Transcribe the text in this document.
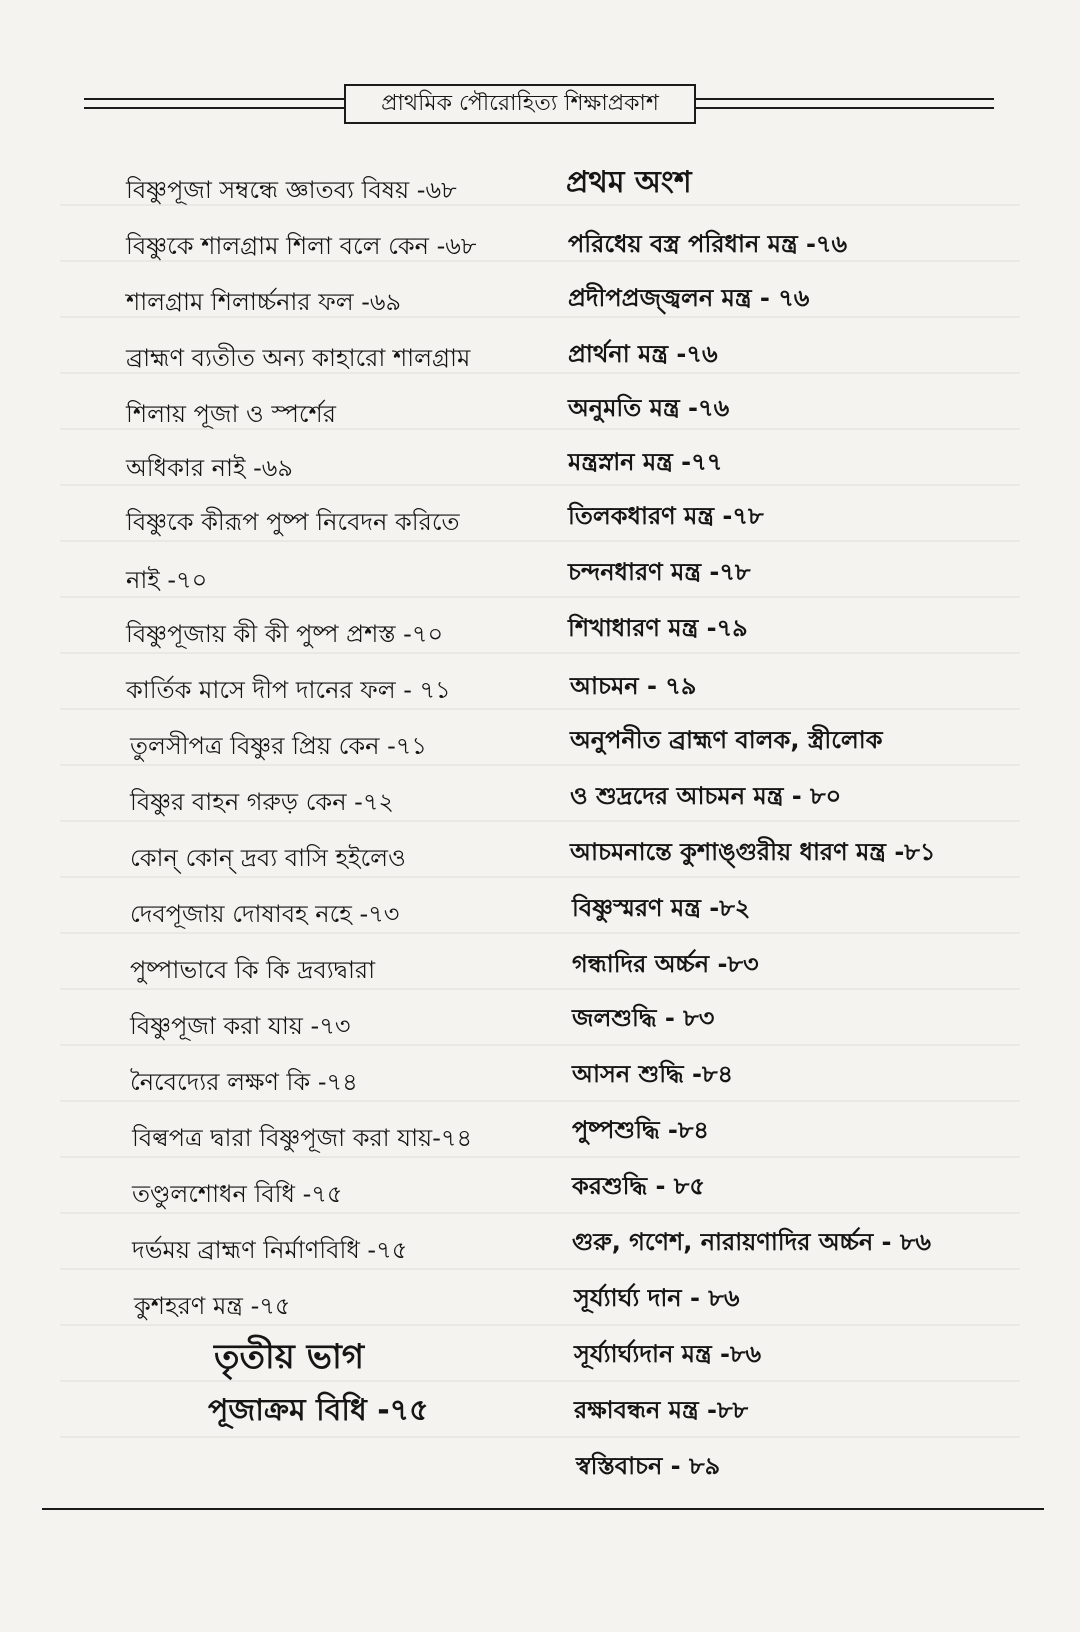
প্রাথমিক পৌরোহিত্য শিক্ষাপ্রকাশ
বিষ্ণুপূজা সম্বন্ধে জ্ঞাতব্য বিষয় -৬৮
বিষ্ণুকে শালগ্রাম শিলা বলে কেন -৬৮
শালগ্রাম শিলার্চ্চনার ফল -৬৯
ব্রাহ্মণ ব্যতীত অন্য কাহারো শালগ্রাম
শিলায় পূজা ও স্পর্শের
অধিকার নাই -৬৯
বিষ্ণুকে কীরূপ পুষ্প নিবেদন করিতে
নাই -৭০
বিষ্ণুপূজায় কী কী পুষ্প প্রশস্ত -৭০
কার্তিক মাসে দীপ দানের ফল - ৭১
তুলসীপত্র বিষ্ণুর প্রিয় কেন -৭১
বিষ্ণুর বাহন গরুড় কেন -৭২
কোন্ কোন্ দ্রব্য বাসি হইলেও
দেবপূজায় দোষাবহ নহে -৭৩
পুষ্পাভাবে কি কি দ্রব্যদ্বারা
বিষ্ণুপূজা করা যায় -৭৩
নৈবেদ্যের লক্ষণ কি -৭৪
বিল্বপত্র দ্বারা বিষ্ণুপূজা করা যায়-৭৪
তণ্ডুলশোধন বিধি -৭৫
দর্ভময় ব্রাহ্মণ নির্মাণবিধি -৭৫
কুশহরণ মন্ত্র -৭৫
তৃতীয় ভাগ
পূজাক্রম বিধি -৭৫
প্রথম অংশ
পরিধেয় বস্ত্র পরিধান মন্ত্র -৭৬
প্রদীপপ্রজ্জ্বলন মন্ত্র - ৭৬
প্রার্থনা মন্ত্র -৭৬
অনুমতি মন্ত্র -৭৬
মন্ত্রস্নান মন্ত্র -৭৭
তিলকধারণ মন্ত্র -৭৮
চন্দনধারণ মন্ত্র -৭৮
শিখাধারণ মন্ত্র -৭৯
আচমন - ৭৯
অনুপনীত ব্রাহ্মণ বালক, স্ত্রীলোক
ও শুদ্রদের আচমন মন্ত্র - ৮০
আচমনান্তে কুশাঙ্গুরীয় ধারণ মন্ত্র -৮১
বিষ্ণুস্মরণ মন্ত্র -৮২
গন্ধাদির অর্চ্চন -৮৩
জলশুদ্ধি - ৮৩
আসন শুদ্ধি -৮৪
পুষ্পশুদ্ধি -৮৪
করশুদ্ধি - ৮৫
গুরু, গণেশ, নারায়ণাদির অর্চ্চন - ৮৬
সূর্য্যার্ঘ্য দান - ৮৬
সূর্য্যার্ঘ্যদান মন্ত্র -৮৬
রক্ষাবন্ধন মন্ত্র -৮৮
স্বস্তিবাচন - ৮৯
